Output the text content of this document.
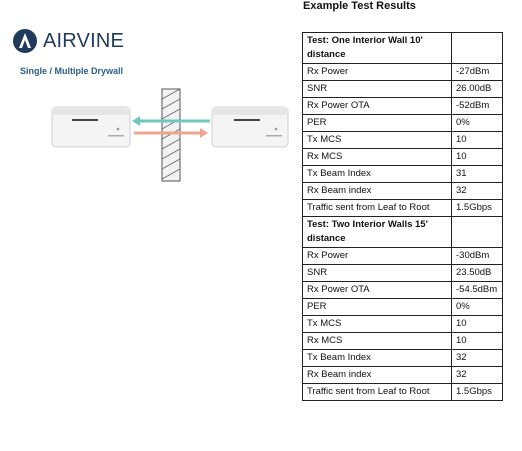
Example Test Results
AIRVINE
Single / Multiple Drywall
Test: One Interior Wall 10' distance	
Rx Power	-27dBm
SNR	26.00dB
Rx Power OTA	-52dBm
PER	0%
Tx MCS	10
Rx MCS	10
Tx Beam Index	31
Rx Beam index	32
Traffic sent from Leaf to Root	1.5Gbps
Test: Two Interior Walls 15' distance	
Rx Power	-30dBm
SNR	23.50dB
Rx Power OTA	-54.5dBm
PER	0%
Tx MCS	10
Rx MCS	10
Tx Beam Index	32
Rx Beam index	32
Traffic sent from Leaf to Root	1.5Gbps
